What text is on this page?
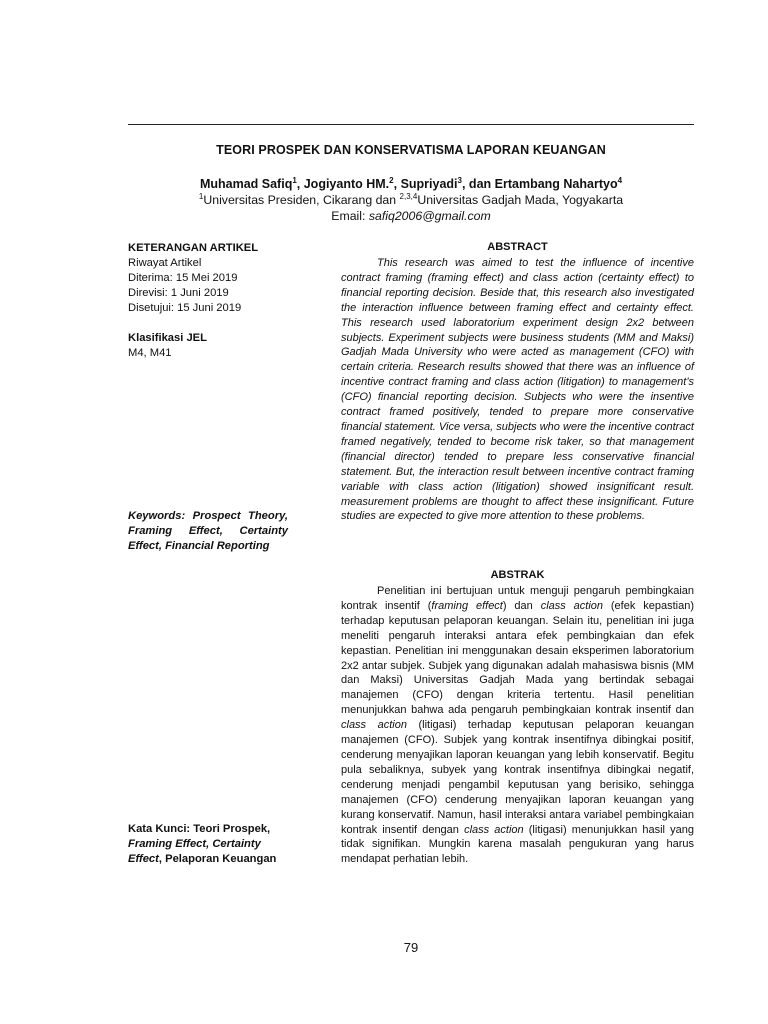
TEORI PROSPEK DAN KONSERVATISMA LAPORAN KEUANGAN
Muhamad Safiq$^1$, Jogiyanto HM.$^2$, Supriyadi$^3$, dan Ertambang Nahartyo$^4$
$^1$Universitas Presiden, Cikarang dan $^{2,3,4}$Universitas Gadjah Mada, Yogyakarta
Email: safiq2006@gmail.com
KETERANGAN ARTIKEL
Riwayat Artikel
Diterima: 15 Mei 2019
Direvisi: 1 Juni 2019
Disetujui: 15 Juni 2019
Klasifikasi JEL
M4, M41
Keywords: Prospect Theory, Framing Effect, Certainty Effect, Financial Reporting
Kata Kunci: Teori Prospek,
Framing Effect, Certainty Effect, Pelaporan Keuangan
ABSTRACT

This research was aimed to test the influence of incentive contract framing (framing effect) and class action (certainty effect) to financial reporting decision. Beside that, this research also investigated the interaction influence between framing effect and certainty effect. This research used laboratorium experiment design 2x2 between subjects. Experiment subjects were business students (MM and Maksi) Gadjah Mada University who were acted as management (CFO) with certain criteria. Research results showed that there was an influence of incentive contract framing and class action (litigation) to management’s (CFO) financial reporting decision. Subjects who were the insentive contract framed positively, tended to prepare more conservative financial statement. Vice versa, subjects who were the incentive contract framed negatively, tended to become risk taker, so that management (financial director) tended to prepare less conservative financial statement. But, the interaction result between incentive contract framing variable with class action (litigation) showed insignificant result. measurement problems are thought to affect these insignificant. Future studies are expected to give more attention to these problems.

ABSTRAK

Penelitian ini bertujuan untuk menguji pengaruh pembingkaian kontrak insentif (framing effect) dan class action (efek kepastian) terhadap keputusan pelaporan keuangan. Selain itu, penelitian ini juga meneliti pengaruh interaksi antara efek pembingkaian dan efek kepastian. Penelitian ini menggunakan desain eksperimen laboratorium 2x2 antar subjek. Subjek yang digunakan adalah mahasiswa bisnis (MM dan Maksi) Universitas Gadjah Mada yang bertindak sebagai manajemen (CFO) dengan kriteria tertentu. Hasil penelitian menunjukkan bahwa ada pengaruh pembingkaian kontrak insentif dan class action (litigasi) terhadap keputusan pelaporan keuangan manajemen (CFO). Subjek yang kontrak insentifnya dibingkai positif, cenderung menyajikan laporan keuangan yang lebih konservatif. Begitu pula sebaliknya, subyek yang kontrak insentifnya dibingkai negatif, cenderung menjadi pengambil keputusan yang berisiko, sehingga manajemen (CFO) cenderung menyajikan laporan keuangan yang kurang konservatif. Namun, hasil interaksi antara variabel pembingkaian kontrak insentif dengan class action (litigasi) menunjukkan hasil yang tidak signifikan. Mungkin karena masalah pengukuran yang harus mendapat perhatian lebih.

79
